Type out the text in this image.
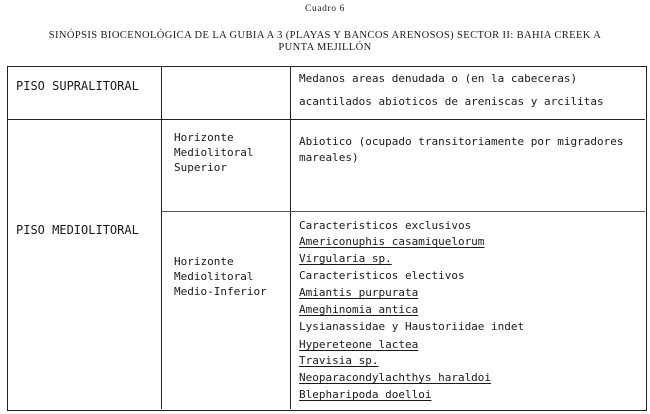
Cuadro 6
SINÓPSIS BIOCENOLÓGICA DE LA GUBIA A 3 (PLAYAS Y BANCOS ARENOSOS) SECTOR II: BAHIA CREEK A
PUNTA MEJILLÓN
PISO SUPRALITORAL
Medanos areas denudada o (en la cabeceras)
acantilados abioticos de areniscas y arcilitas
PISO MEDIOLITORAL
Horizonte
Mediolitoral
Superior
Abiotico (ocupado transitoriamente por migradores
mareales)
Horizonte
Mediolitoral
Medio-Inferior
Caracteristicos exclusivos
Americonuphis casamiquelorum
Virgularia sp.
Caracteristicos electivos
Amiantis purpurata
Ameghinomia antica
Lysianassidae y Haustoriidae indet
Hypereteone lactea
Travisia sp.
Neoparacondylachthys haraldoi
Blepharipoda doelloi
